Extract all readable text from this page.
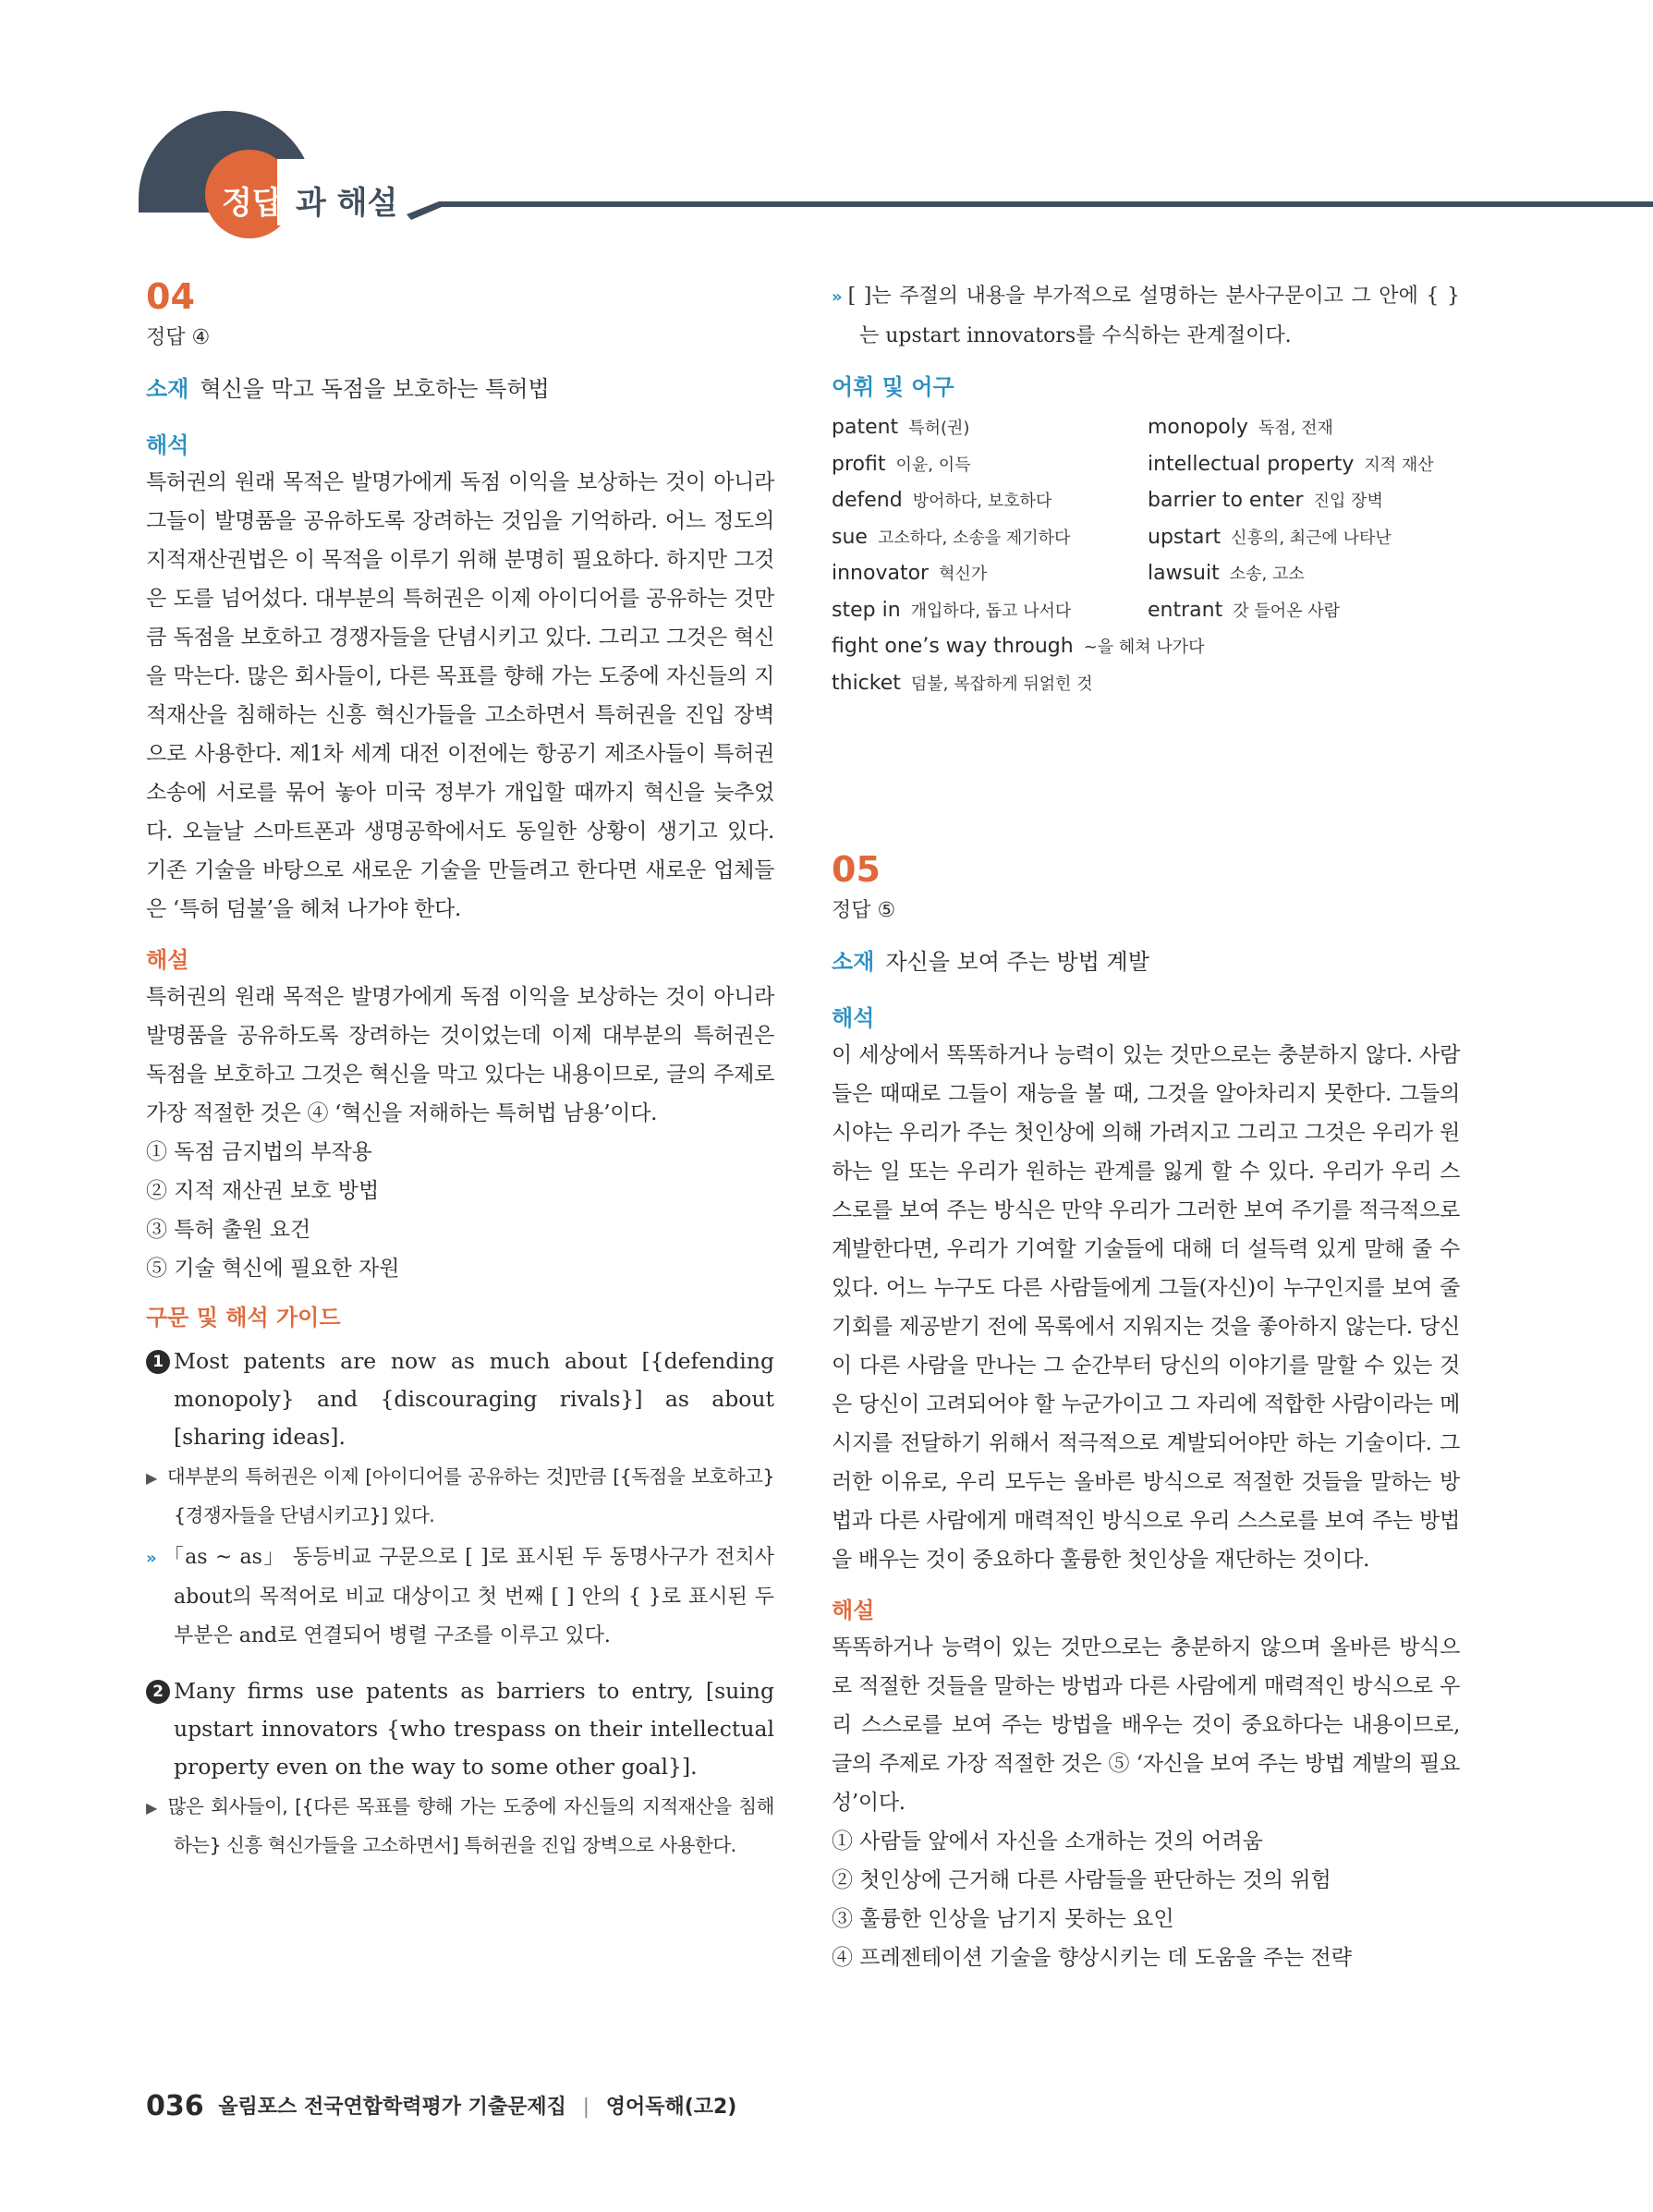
정답 과 해설

04

정답 ④

소재 혁신을 막고 독점을 보호하는 특허법

해석

특허권의 원래 목적은 발명가에게 독점 이익을 보상하는 것이 아니라 그들이 발명품을 공유하도록 장려하는 것임을 기억하라. 어느 정도의 지적재산권법은 이 목적을 이루기 위해 분명히 필요하다. 하지만 그것은 도를 넘어섰다. 대부분의 특허권은 이제 아이디어를 공유하는 것만큼 독점을 보호하고 경쟁자들을 단념시키고 있다. 그리고 그것은 혁신을 막는다. 많은 회사들이, 다른 목표를 향해 가는 도중에 자신들의 지적재산을 침해하는 신흥 혁신가들을 고소하면서 특허권을 진입 장벽으로 사용한다. 제1차 세계 대전 이전에는 항공기 제조사들이 특허권 소송에 서로를 묶어 놓아 미국 정부가 개입할 때까지 혁신을 늦추었다. 오늘날 스마트폰과 생명공학에서도 동일한 상황이 생기고 있다. 기존 기술을 바탕으로 새로운 기술을 만들려고 한다면 새로운 업체들은 ‘특허 덤불’을 헤쳐 나가야 한다.

해설

특허권의 원래 목적은 발명가에게 독점 이익을 보상하는 것이 아니라 발명품을 공유하도록 장려하는 것이었는데 이제 대부분의 특허권은 독점을 보호하고 그것은 혁신을 막고 있다는 내용이므로, 글의 주제로 가장 적절한 것은 ④ ‘혁신을 저해하는 특허법 남용’이다.

① 독점 금지법의 부작용

② 지적 재산권 보호 방법

③ 특허 출원 요건

⑤ 기술 혁신에 필요한 자원

구문 및 해석 가이드

1 Most patents are now as much about [{defending monopoly} and {discouraging rivals}] as about [sharing ideas].

▶ 대부분의 특허권은 이제 [아이디어를 공유하는 것]만큼 [{독점을 보호하고} {경쟁자들을 단념시키고}] 있다.

» 「as ~ as」 동등비교 구문으로 [ ]로 표시된 두 동명사구가 전치사 about의 목적어로 비교 대상이고 첫 번째 [ ] 안의 { }로 표시된 두 부분은 and로 연결되어 병렬 구조를 이루고 있다.

2 Many firms use patents as barriers to entry, [suing upstart innovators {who trespass on their intellectual property even on the way to some other goal}].

▶ 많은 회사들이, [{다른 목표를 향해 가는 도중에 자신들의 지적재산을 침해하는} 신흥 혁신가들을 고소하면서] 특허권을 진입 장벽으로 사용한다.

» [ ]는 주절의 내용을 부가적으로 설명하는 분사구문이고 그 안에 { }는 upstart innovators를 수식하는 관계절이다.

어휘 및 어구

patent 특허(권)	monopoly 독점, 전재
profit 이윤, 이득	intellectual property 지적 재산
defend 방어하다, 보호하다	barrier to enter 진입 장벽
sue 고소하다, 소송을 제기하다	upstart 신흥의, 최근에 나타난
innovator 혁신가	lawsuit 소송, 고소
step in 개입하다, 돕고 나서다	entrant 갓 들어온 사람
fight one’s way through ~을 헤쳐 나가다
thicket 덤불, 복잡하게 뒤얽힌 것

05

정답 ⑤

소재 자신을 보여 주는 방법 계발

해석

이 세상에서 똑똑하거나 능력이 있는 것만으로는 충분하지 않다. 사람들은 때때로 그들이 재능을 볼 때, 그것을 알아차리지 못한다. 그들의 시야는 우리가 주는 첫인상에 의해 가려지고 그리고 그것은 우리가 원하는 일 또는 우리가 원하는 관계를 잃게 할 수 있다. 우리가 우리 스스로를 보여 주는 방식은 만약 우리가 그러한 보여 주기를 적극적으로 계발한다면, 우리가 기여할 기술들에 대해 더 설득력 있게 말해 줄 수 있다. 어느 누구도 다른 사람들에게 그들(자신)이 누구인지를 보여 줄 기회를 제공받기 전에 목록에서 지워지는 것을 좋아하지 않는다. 당신이 다른 사람을 만나는 그 순간부터 당신의 이야기를 말할 수 있는 것은 당신이 고려되어야 할 누군가이고 그 자리에 적합한 사람이라는 메시지를 전달하기 위해서 적극적으로 계발되어야만 하는 기술이다. 그러한 이유로, 우리 모두는 올바른 방식으로 적절한 것들을 말하는 방법과 다른 사람에게 매력적인 방식으로 우리 스스로를 보여 주는 방법을 배우는 것이 중요하다 훌륭한 첫인상을 재단하는 것이다.

해설

똑똑하거나 능력이 있는 것만으로는 충분하지 않으며 올바른 방식으로 적절한 것들을 말하는 방법과 다른 사람에게 매력적인 방식으로 우리 스스로를 보여 주는 방법을 배우는 것이 중요하다는 내용이므로, 글의 주제로 가장 적절한 것은 ⑤ ‘자신을 보여 주는 방법 계발의 필요성’이다.

① 사람들 앞에서 자신을 소개하는 것의 어려움

② 첫인상에 근거해 다른 사람들을 판단하는 것의 위험

③ 훌륭한 인상을 남기지 못하는 요인

④ 프레젠테이션 기술을 향상시키는 데 도움을 주는 전략

036 올림포스 전국연합학력평가 기출문제집 | 영어독해(고2)
